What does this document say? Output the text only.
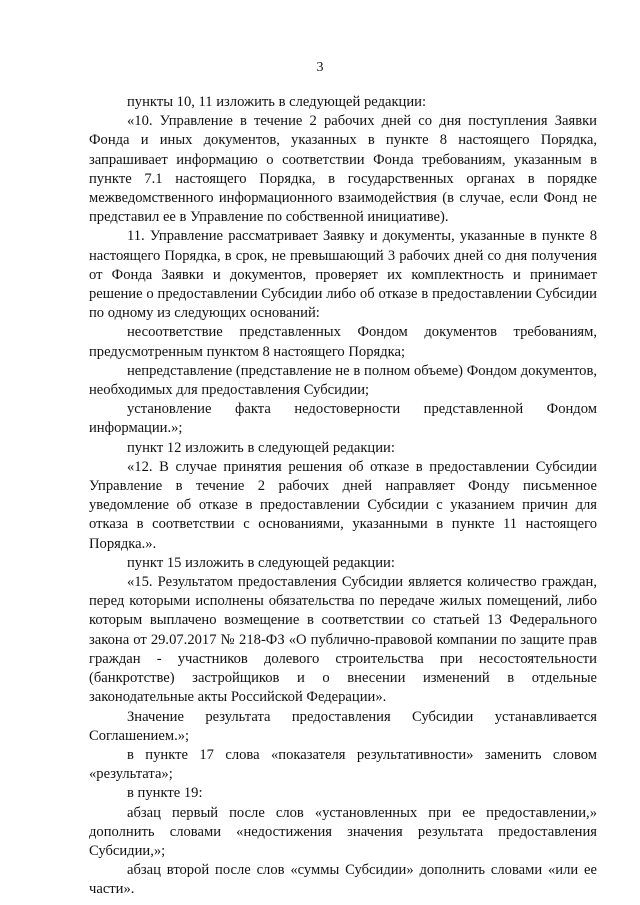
3

пункты 10, 11 изложить в следующей редакции:

«10. Управление в течение 2 рабочих дней со дня поступления Заявки Фонда и иных документов, указанных в пункте 8 настоящего Порядка, запрашивает информацию о соответствии Фонда требованиям, указанным в пункте 7.1 настоящего Порядка, в государственных органах в порядке межведомственного информационного взаимодействия (в случае, если Фонд не представил ее в Управление по собственной инициативе).

11. Управление рассматривает Заявку и документы, указанные в пункте 8 настоящего Порядка, в срок, не превышающий 3 рабочих дней со дня получения от Фонда Заявки и документов, проверяет их комплектность и принимает решение о предоставлении Субсидии либо об отказе в предоставлении Субсидии по одному из следующих оснований:

несоответствие представленных Фондом документов требованиям, предусмотренным пунктом 8 настоящего Порядка;

непредставление (представление не в полном объеме) Фондом документов, необходимых для предоставления Субсидии;

установление факта недостоверности представленной Фондом информации.»;

пункт 12 изложить в следующей редакции:

«12. В случае принятия решения об отказе в предоставлении Субсидии Управление в течение 2 рабочих дней направляет Фонду письменное уведомление об отказе в предоставлении Субсидии с указанием причин для отказа в соответствии с основаниями, указанными в пункте 11 настоящего Порядка.».

пункт 15 изложить в следующей редакции:

«15. Результатом предоставления Субсидии является количество граждан, перед которыми исполнены обязательства по передаче жилых помещений, либо которым выплачено возмещение в соответствии со статьей 13 Федерального закона от 29.07.2017 № 218-ФЗ «О публично-правовой компании по защите прав граждан - участников долевого строительства при несостоятельности (банкротстве) застройщиков и о внесении изменений в отдельные законодательные акты Российской Федерации».

Значение результата предоставления Субсидии устанавливается Соглашением.»;

в пункте 17 слова «показателя результативности» заменить словом «результата»;

в пункте 19:

абзац первый после слов «установленных при ее предоставлении,» дополнить словами «недостижения значения результата предоставления Субсидии,»;

абзац второй после слов «суммы Субсидии» дополнить словами «или ее части».
